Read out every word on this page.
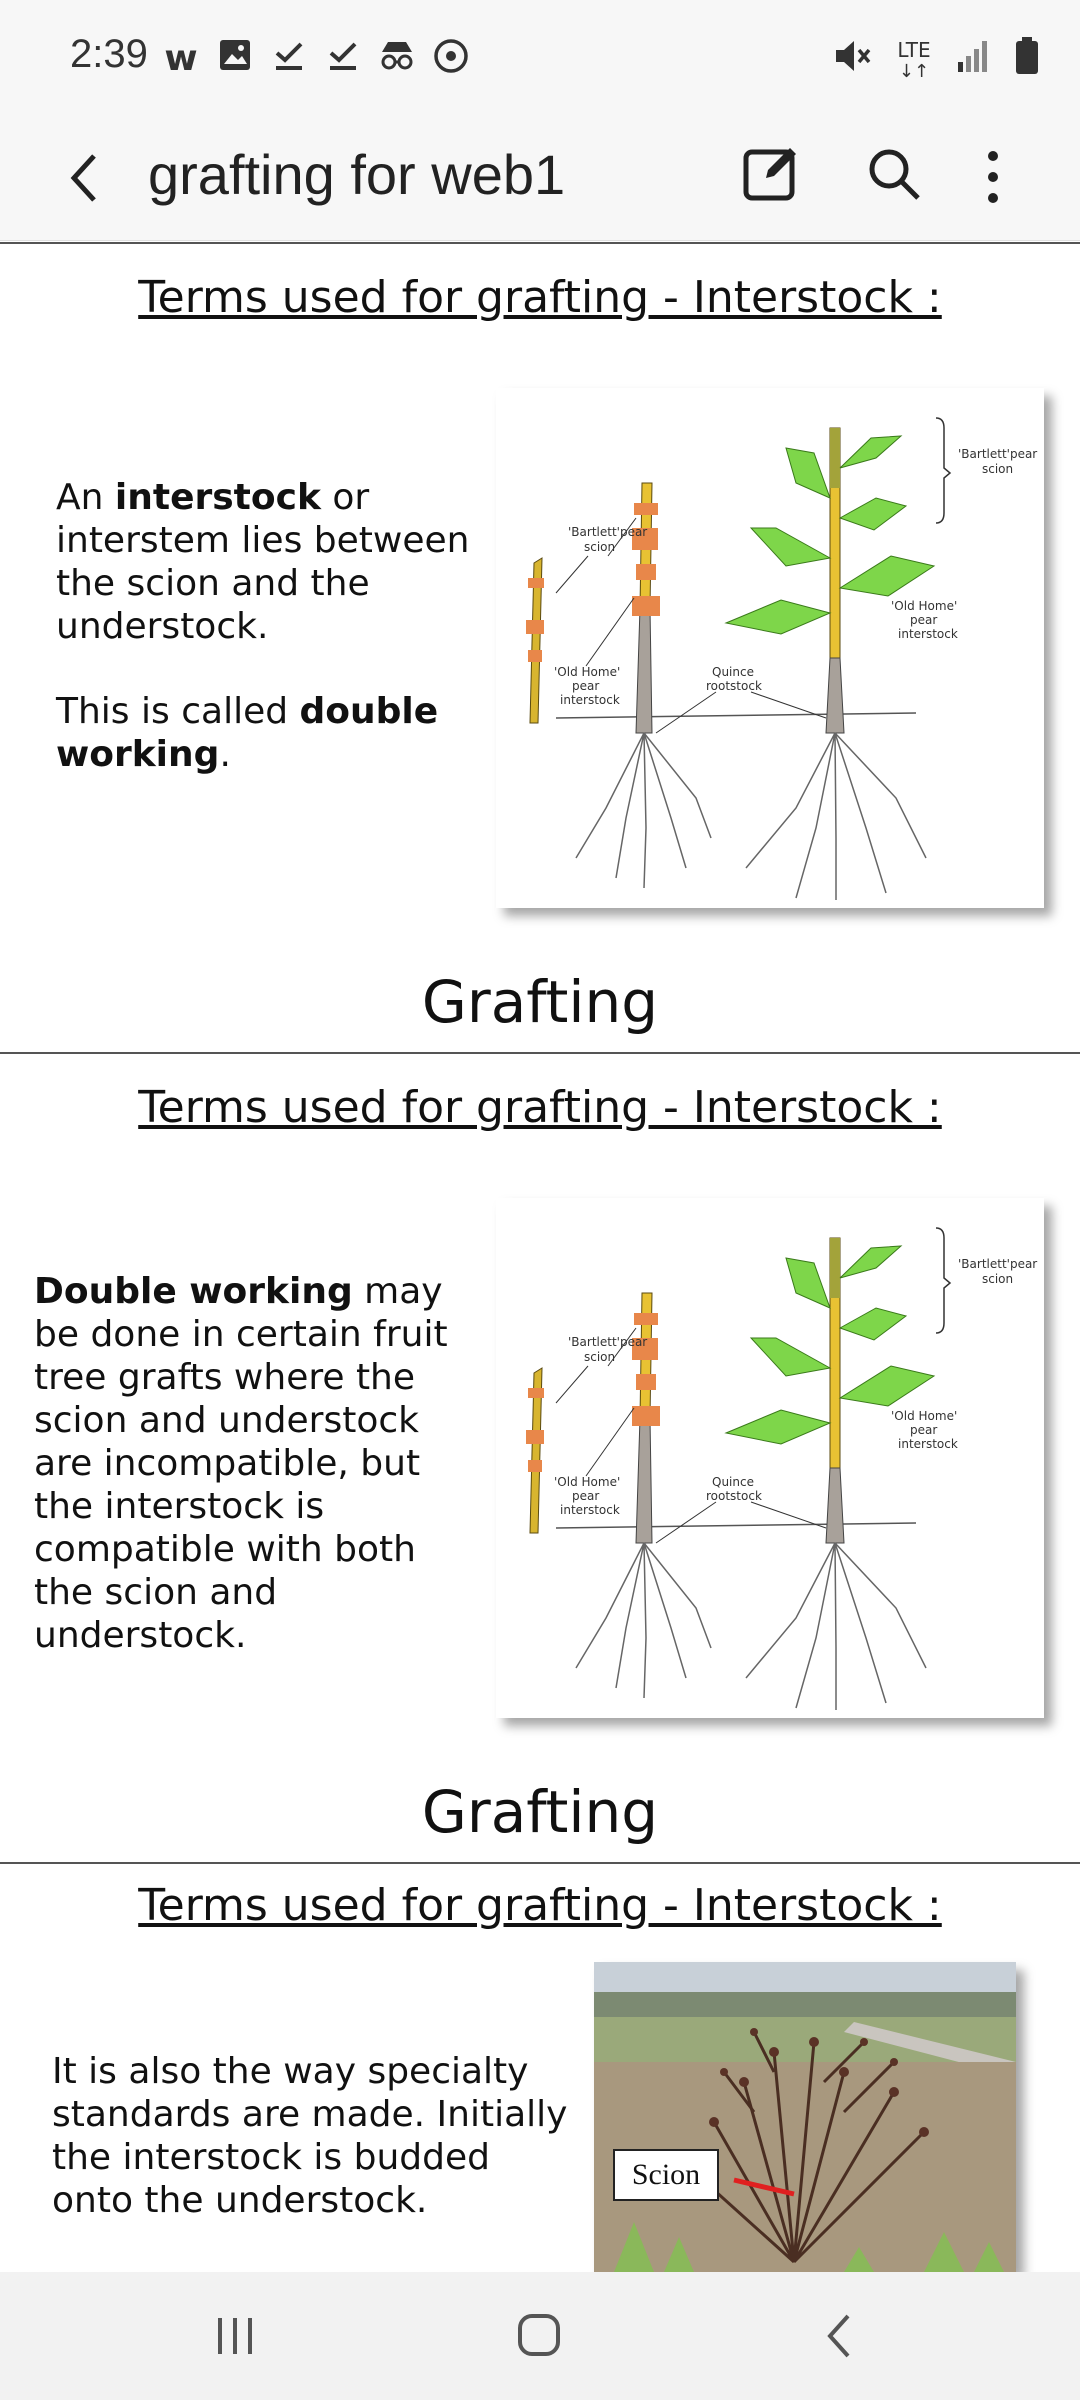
2:39 w	LTE
↓↑
grafting for web1
Terms used for grafting - Interstock :
An interstock or interstem lies between the scion and the understock.
This is called double working.
'Bartlett'pear
scion
'Old Home'
pear
interstock
Quince
rootstock
'Bartlett'pear
scion
'Old Home'
pear
interstock
Grafting
Terms used for grafting - Interstock :
Double working may be done in certain fruit tree grafts where the scion and understock are incompatible, but the interstock is compatible with both the scion and understock.
'Bartlett'pear
scion
'Old Home'
pear
interstock
Quince
rootstock
'Bartlett'pear
scion
'Old Home'
pear
interstock
Grafting
Terms used for grafting - Interstock :
It is also the way specialty standards are made. Initially the interstock is budded onto the understock.
Scion
